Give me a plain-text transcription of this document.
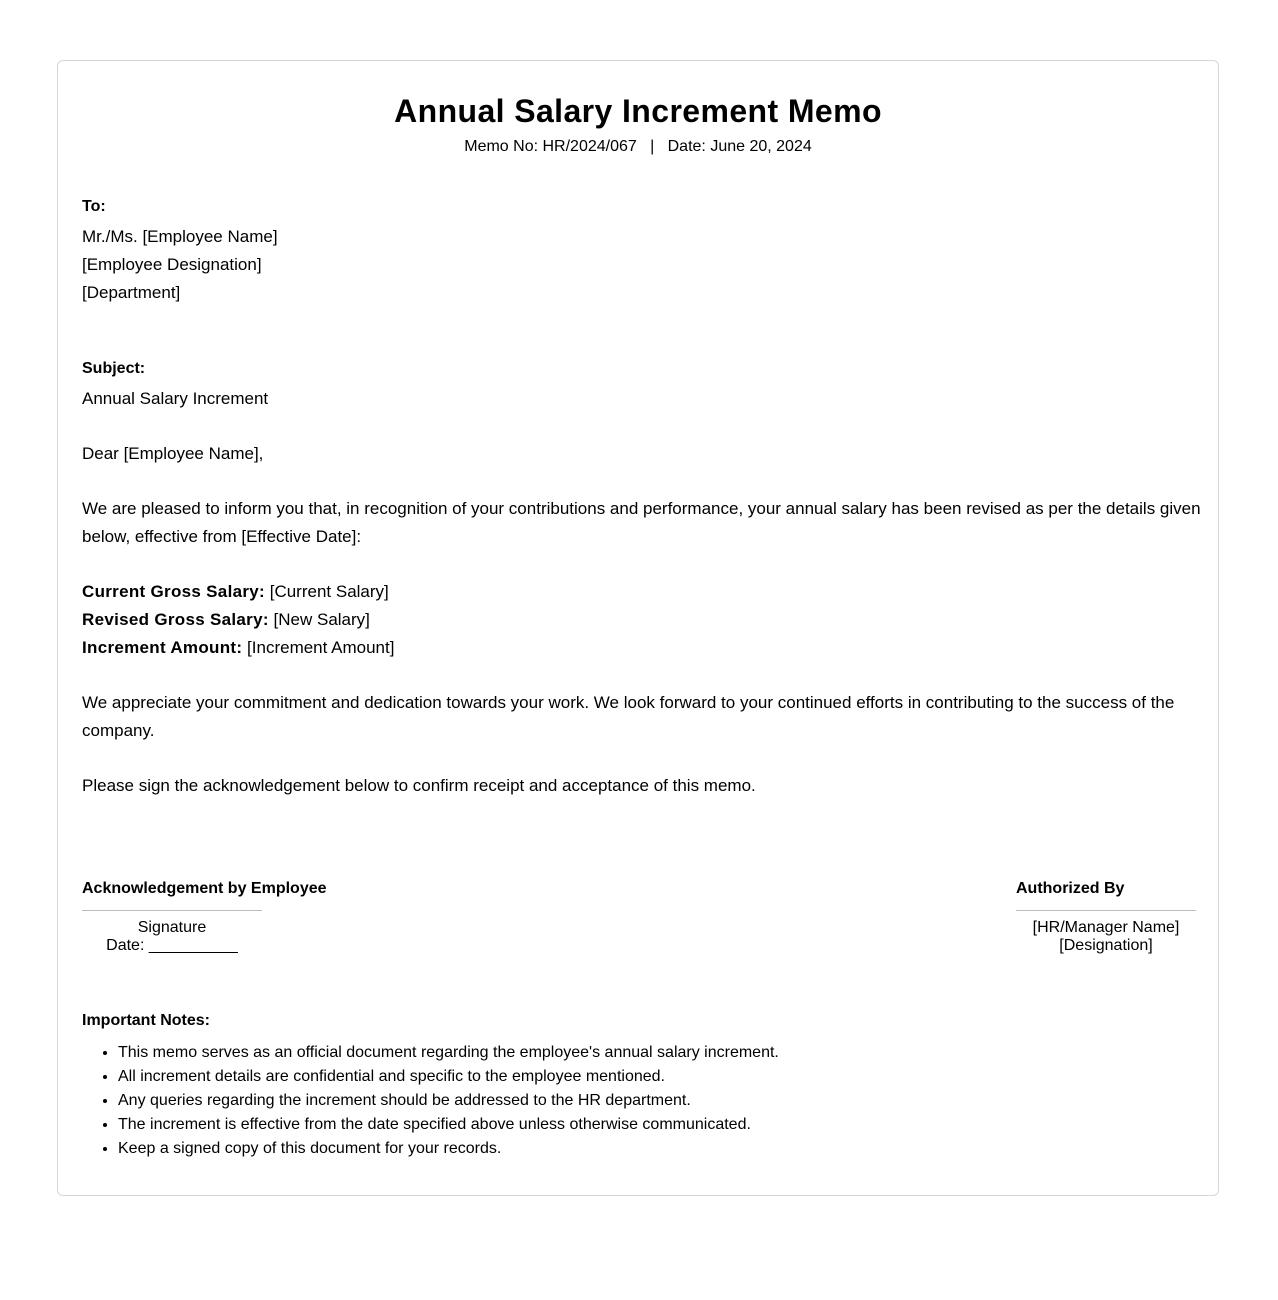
Annual Salary Increment Memo
Memo No: HR/2024/067 | Date: June 20, 2024
To:
Mr./Ms. [Employee Name]
[Employee Designation]
[Department]
Subject:
Annual Salary Increment
Dear [Employee Name],
We are pleased to inform you that, in recognition of your contributions and performance, your annual salary has been revised as per the details given below, effective from [Effective Date]:
Current Gross Salary: [Current Salary]
Revised Gross Salary: [New Salary]
Increment Amount: [Increment Amount]
We appreciate your commitment and dedication towards your work. We look forward to your continued efforts in contributing to the success of the company.
Please sign the acknowledgement below to confirm receipt and acceptance of this memo.
Acknowledgement by Employee
Signature
Date: __________
Authorized By
[HR/Manager Name]
[Designation]
Important Notes:
• This memo serves as an official document regarding the employee's annual salary increment.
• All increment details are confidential and specific to the employee mentioned.
• Any queries regarding the increment should be addressed to the HR department.
• The increment is effective from the date specified above unless otherwise communicated.
• Keep a signed copy of this document for your records.
